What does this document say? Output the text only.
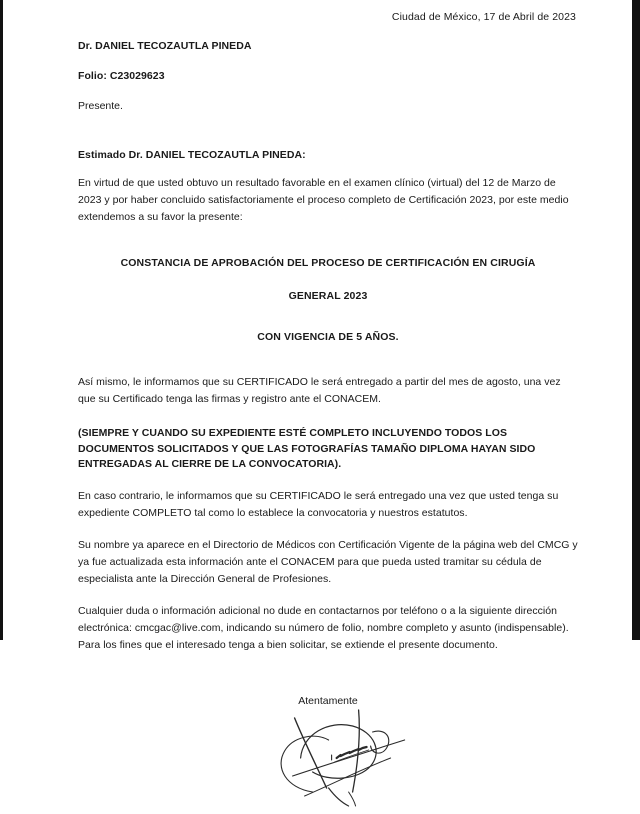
Ciudad de México, 17 de Abril de 2023

Dr. DANIEL TECOZAUTLA PINEDA

Folio: C23029623

Presente.

Estimado Dr. DANIEL TECOZAUTLA PINEDA:

En virtud de que usted obtuvo un resultado favorable en el examen clínico (virtual) del 12 de Marzo de 2023 y por haber concluido satisfactoriamente el proceso completo de Certificación 2023, por este medio extendemos a su favor la presente:

CONSTANCIA DE APROBACIÓN DEL PROCESO DE CERTIFICACIÓN EN CIRUGÍA

GENERAL 2023

CON VIGENCIA DE 5 AÑOS.

Así mismo, le informamos que su CERTIFICADO le será entregado a partir del mes de agosto, una vez que su Certificado tenga las firmas y registro ante el CONACEM.

(SIEMPRE Y CUANDO SU EXPEDIENTE ESTÉ COMPLETO INCLUYENDO TODOS LOS DOCUMENTOS SOLICITADOS Y QUE LAS FOTOGRAFÍAS TAMAÑO DIPLOMA HAYAN SIDO ENTREGADAS AL CIERRE DE LA CONVOCATORIA).

En caso contrario, le informamos que su CERTIFICADO le será entregado una vez que usted tenga su expediente COMPLETO tal como lo establece la convocatoria y nuestros estatutos.

Su nombre ya aparece en el Directorio de Médicos con Certificación Vigente de la página web del CMCG y ya fue actualizada esta información ante el CONACEM para que pueda usted tramitar su cédula de especialista ante la Dirección General de Profesiones.

Cualquier duda o información adicional no dude en contactarnos por teléfono o a la siguiente dirección electrónica: cmcgac@live.com, indicando su número de folio, nombre completo y asunto (indispensable).

Para los fines que el interesado tenga a bien solicitar, se extiende el presente documento.

Atentamente
